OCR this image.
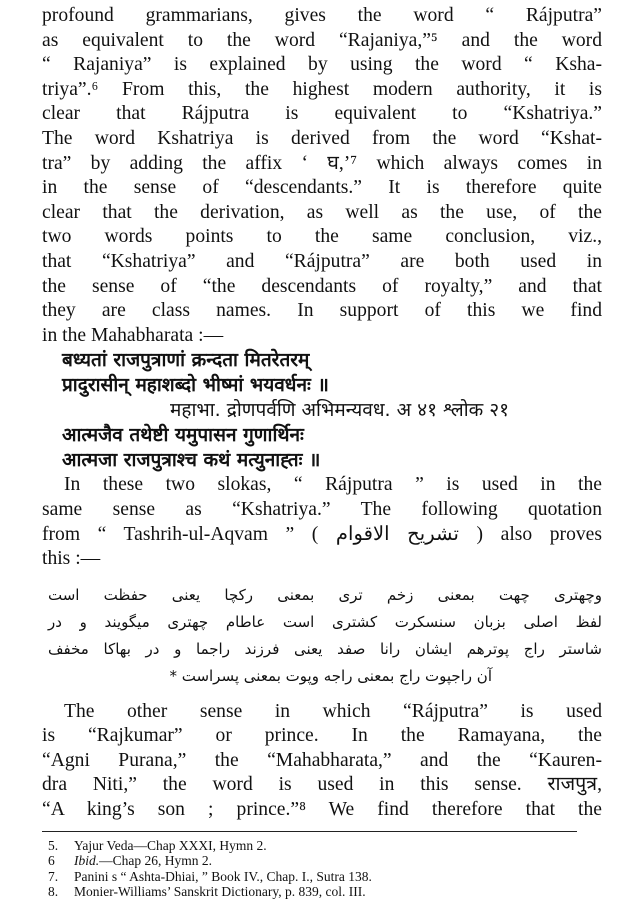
profound grammarians, gives the word “ Rájputra”
as equivalent to the word “Rajaniya,”⁵ and the word
“ Rajaniya” is explained by using the word “ Ksha-
triya”.⁶ From this, the highest modern authority, it is
clear that Rájputra is equivalent to “Kshatriya.”
The word Kshatriya is derived from the word “Kshat-
tra” by adding the affix ‘ घ,’⁷ which always comes in
in the sense of “descendants.” It is therefore quite
clear that the derivation, as well as the use, of the
two words points to the same conclusion, viz.,
that “Kshatriya” and “Rájputra” are both used in
the sense of “the descendants of royalty,” and that
they are class names. In support of this we find
in the Mahabharata :—
बध्यतां राजपुत्राणां क्रन्दता मितरेतरम्
प्रादुरासीन् महाशब्दो भीष्मां भयवर्धनः ॥
महाभा. द्रोणपर्वणि अभिमन्यवध. अ ४१ श्लोक २१
आत्मजैव तथेष्टी यमुपासन गुणार्थिनः
आत्मजा राजपुत्राश्च कथं मत्युनाह्तः ॥
In these two slokas, “ Rájputra ” is used in the
same sense as “Kshatriya.” The following quotation
from “ Tashrih-ul-Aqvam ” ( تشریح الاقوام ) also proves
this :—
وچھتری چھت بمعنی زخم تری بمعنی رکچا یعنی حفظت است
لفظ اصلی بزبان سنسکرت کشتری است عاطام چھتری میگویند و در
شاستر راج پوترهم ایشان رانا صفد یعنی فرزند راجما و در بھاکا مخفف
آن راجپوت راج بمعنی راجه وپوت بمعنی پسراست *
The other sense in which “Rájputra” is used
is “Rajkumar” or prince. In the Ramayana, the
“Agni Purana,” the “Mahabharata,” and the “Kauren-
dra Niti,” the word is used in this sense. राजपुत्र,
“A king’s son ; prince.”⁸ We find therefore that the
5. Yajur Veda—Chap XXXI, Hymn 2.
6 Ibid.—Chap 26, Hymn 2.
7. Panini s “ Ashta-Dhiai, ” Book IV., Chap. I., Sutra 138.
8. Monier-Williams’ Sanskrit Dictionary, p. 839, col. III.
